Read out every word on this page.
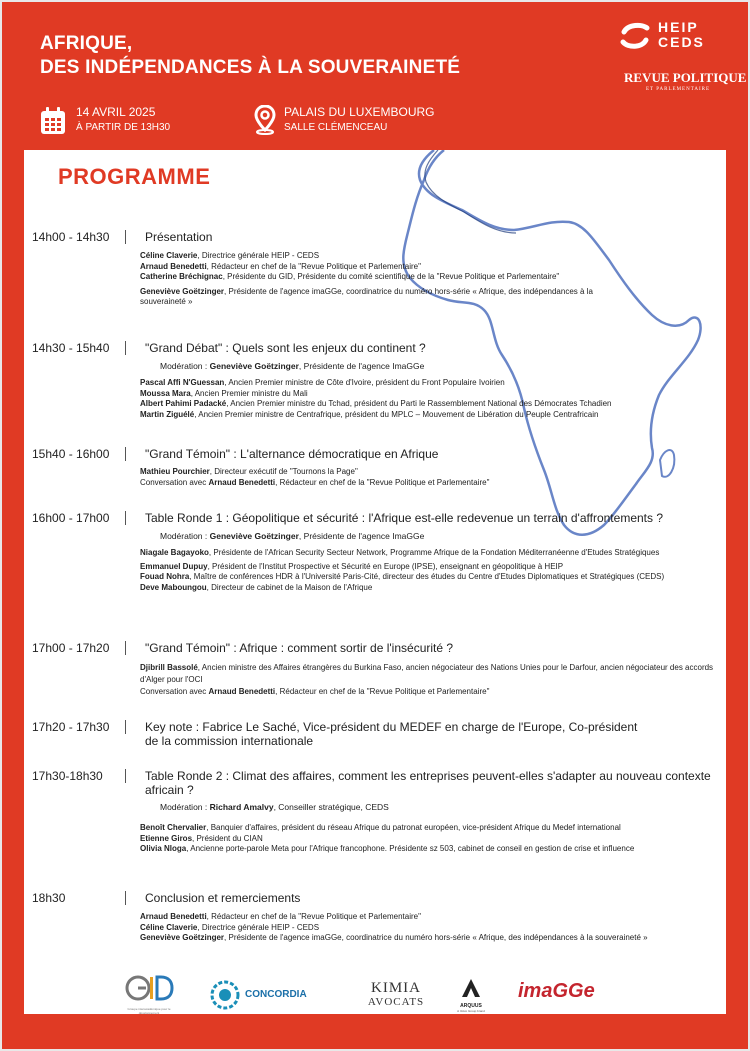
AFRIQUE,
DES INDÉPENDANCES À LA SOUVERAINETÉ
HEIP
CEDS
REVUE POLITIQUE
ET PARLEMENTAIRE
14 AVRIL 2025
À PARTIR DE 13H30
PALAIS DU LUXEMBOURG
SALLE CLÉMENCEAU
PROGRAMME
14h00 - 14h30	Présentation

Céline Claverie, Directrice générale HEIP - CEDS

Arnaud Benedetti, Rédacteur en chef de la "Revue Politique et Parlementaire"

Catherine Bréchignac, Présidente du GID, Présidente du comité scientifique de la "Revue Politique et Parlementaire"

Geneviève Goëtzinger, Présidente de l'agence imaGGe, coordinatrice du numéro hors-série « Afrique, des indépendances à la souveraineté »

14h30 - 15h40	"Grand Débat" : Quels sont les enjeux du continent ?
Modération : Geneviève Goëtzinger, Présidente de l'agence ImaGGe

Pascal Affi N'Guessan, Ancien Premier ministre de Côte d'Ivoire, président du Front Populaire Ivoirien

Moussa Mara, Ancien Premier ministre du Mali

Albert Pahimi Padacké, Ancien Premier ministre du Tchad, président du Parti le Rassemblement National des Démocrates Tchadien

Martin Ziguélé, Ancien Premier ministre de Centrafrique, président du MPLC – Mouvement de Libération du Peuple Centrafricain

15h40 - 16h00	"Grand Témoin" : L'alternance démocratique en Afrique

Mathieu Pourchier, Directeur exécutif de "Tournons la Page"

Conversation avec Arnaud Benedetti, Rédacteur en chef de la "Revue Politique et Parlementaire"

16h00 - 17h00	Table Ronde 1 : Géopolitique et sécurité : l'Afrique est-elle redevenue un terrain d'affrontements ?
Modération : Geneviève Goëtzinger, Présidente de l'agence ImaGGe

Niagale Bagayoko, Présidente de l'African Security Secteur Network, Programme Afrique de la Fondation Méditerranéenne d'Etudes Stratégiques

Emmanuel Dupuy, Président de l'Institut Prospective et Sécurité en Europe (IPSE), enseignant en géopolitique à HEIP

Fouad Nohra, Maître de conférences HDR à l'Université Paris-Cité, directeur des études du Centre d'Etudes Diplomatiques et Stratégiques (CEDS)

Deve Maboungou, Directeur de cabinet de la Maison de l'Afrique

17h00 - 17h20	"Grand Témoin" : Afrique : comment sortir de l'insécurité ?

Djibrill Bassolé, Ancien ministre des Affaires étrangères du Burkina Faso, ancien négociateur des Nations Unies pour le Darfour, ancien négociateur des accords d'Alger pour l'OCI

Conversation avec Arnaud Benedetti, Rédacteur en chef de la "Revue Politique et Parlementaire"

17h20 - 17h30	Key note : Fabrice Le Saché, Vice-président du MEDEF en charge de l'Europe, Co-président de la commission internationale
17h30-18h30	Table Ronde 2 : Climat des affaires, comment les entreprises peuvent-elles s'adapter au nouveau contexte africain ?
Modération : Richard Amalvy, Conseiller stratégique, CEDS

Benoît Chervalier, Banquier d'affaires, président du réseau Afrique du patronat européen, vice-président Afrique du Medef international

Etienne Giros, Président du CIAN

Olivia Nloga, Ancienne porte-parole Meta pour l'Afrique francophone. Présidente sz 503, cabinet de conseil en gestion de crise et influence

18h30	Conclusion et remerciements

Arnaud Benedetti, Rédacteur en chef de la "Revue Politique et Parlementaire"

Céline Claverie, Directrice générale HEIP - CEDS

Geneviève Goëtzinger, Présidente de l'agence imaGGe, coordinatrice du numéro hors-série « Afrique, des indépendances à la souveraineté »

Groupe interacadémique pour le développement
CONCORDIA	KIMIA
AVOCATS	ARQUUS
A Volvo Group brand
imaGGe
